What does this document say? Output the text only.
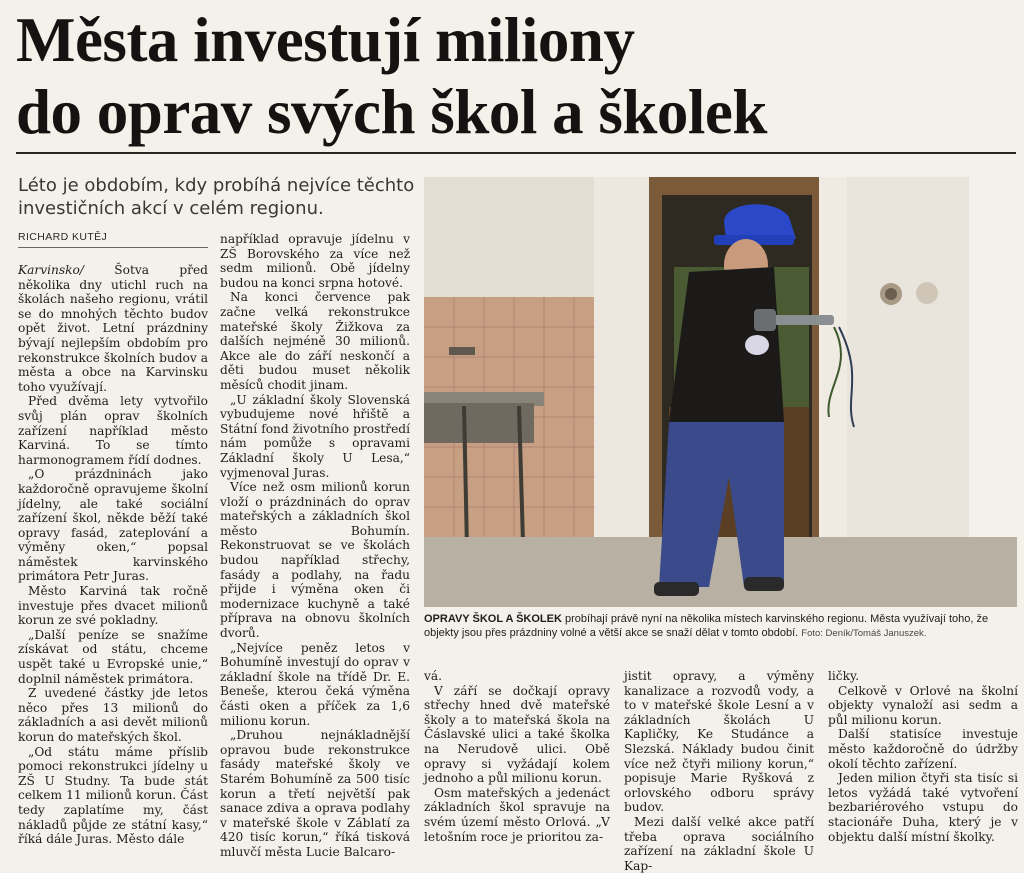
Města investují miliony
do oprav svých škol a školek
Léto je obdobím, kdy probíhá nejvíce těchto investičních akcí v celém regionu.
RICHARD KUTĚJ

Karvinsko/ Šotva před několika dny utichl ruch na školách našeho regionu, vrátil se do mnohých těchto budov opět život. Letní prázdniny bývají nejlepším obdobím pro rekonstrukce školních budov a města a obce na Karvinsku toho využívají.

Před dvěma lety vytvořilo svůj plán oprav školních zařízení například město Karviná. To se tímto harmonogramem řídí dodnes.

„O prázdninách jako každoročně opravujeme školní jídelny, ale také sociální zařízení škol, někde běží také opravy fasád, zateplování a výměny oken,“ popsal náměstek karvinského primátora Petr Juras.

Město Karviná tak ročně investuje přes dvacet milionů korun ze své pokladny.

„Další peníze se snažíme získávat od státu, chceme uspět také u Evropské unie,“ doplnil náměstek primátora.

Z uvedené částky jde letos něco přes 13 milionů do základních a asi devět milionů korun do mateřských škol.

„Od státu máme příslib pomoci rekonstrukci jídelny u ZŠ U Studny. Ta bude stát celkem 11 milionů korun. Část tedy zaplatíme my, část nákladů půjde ze státní kasy,“ říká dále Juras. Město dále

například opravuje jídelnu v ZŠ Borovského za více než sedm milionů. Obě jídelny budou na konci srpna hotové.

Na konci července pak začne velká rekonstrukce mateřské školy Žižkova za dalších nejméně 30 milionů. Akce ale do září neskončí a děti budou muset několik měsíců chodit jinam.

„U základní školy Slovenská vybudujeme nové hřiště a Státní fond životního prostředí nám pomůže s opravami Základní školy U Lesa,“ vyjmenoval Juras.

Více než osm milionů korun vloží o prázdninách do oprav mateřských a základních škol město Bohumín. Rekonstruovat se ve školách budou například střechy, fasády a podlahy, na řadu přijde i výměna oken či modernizace kuchyně a také příprava na obnovu školních dvorů.

„Nejvíce peněz letos v Bohumíně investují do oprav v základní škole na třídě Dr. E. Beneše, kterou čeká výměna části oken a příček za 1,6 milionu korun.

„Druhou nejnákladnější opravou bude rekonstrukce fasády mateřské školy ve Starém Bohumíně za 500 tisíc korun a třetí největší pak sanace zdiva a oprava podlahy v mateřské škole v Záblatí za 420 tisíc korun,“ říká tisková mluvčí města Lucie Balcaro-

OPRAVY ŠKOL A ŠKOLEK probíhají právě nyní na několika místech karvinského regionu. Města využívají toho, že objekty jsou přes prázdniny volné a větší akce se snaží dělat v tomto období. Foto: Deník/Tomáš Januszek.

vá.

V září se dočkají opravy střechy hned dvě mateřské školy a to mateřská škola na Čáslavské ulici a také školka na Nerudově ulici. Obě opravy si vyžádají kolem jednoho a půl milionu korun.

Osm mateřských a jedenáct základních škol spravuje na svém území město Orlová. „V letošním roce je prioritou za-

jistit opravy, a výměny kanalizace a rozvodů vody, a to v mateřské škole Lesní a v základních školách U Kapličky, Ke Studánce a Slezská. Náklady budou činit více než čtyři miliony korun,“ popisuje Marie Ryšková z orlovského odboru správy budov.

Mezi další velké akce patří třeba oprava sociálního zařízení na základní škole U Kap-

ličky.

Celkově v Orlové na školní objekty vynaloží asi sedm a půl milionu korun.

Další statisíce investuje město každoročně do údržby okolí těchto zařízení.

Jeden milion čtyři sta tisíc si letos vyžádá také vytvoření bezbariérového vstupu do stacionáře Duha, který je v objektu další místní školky.
